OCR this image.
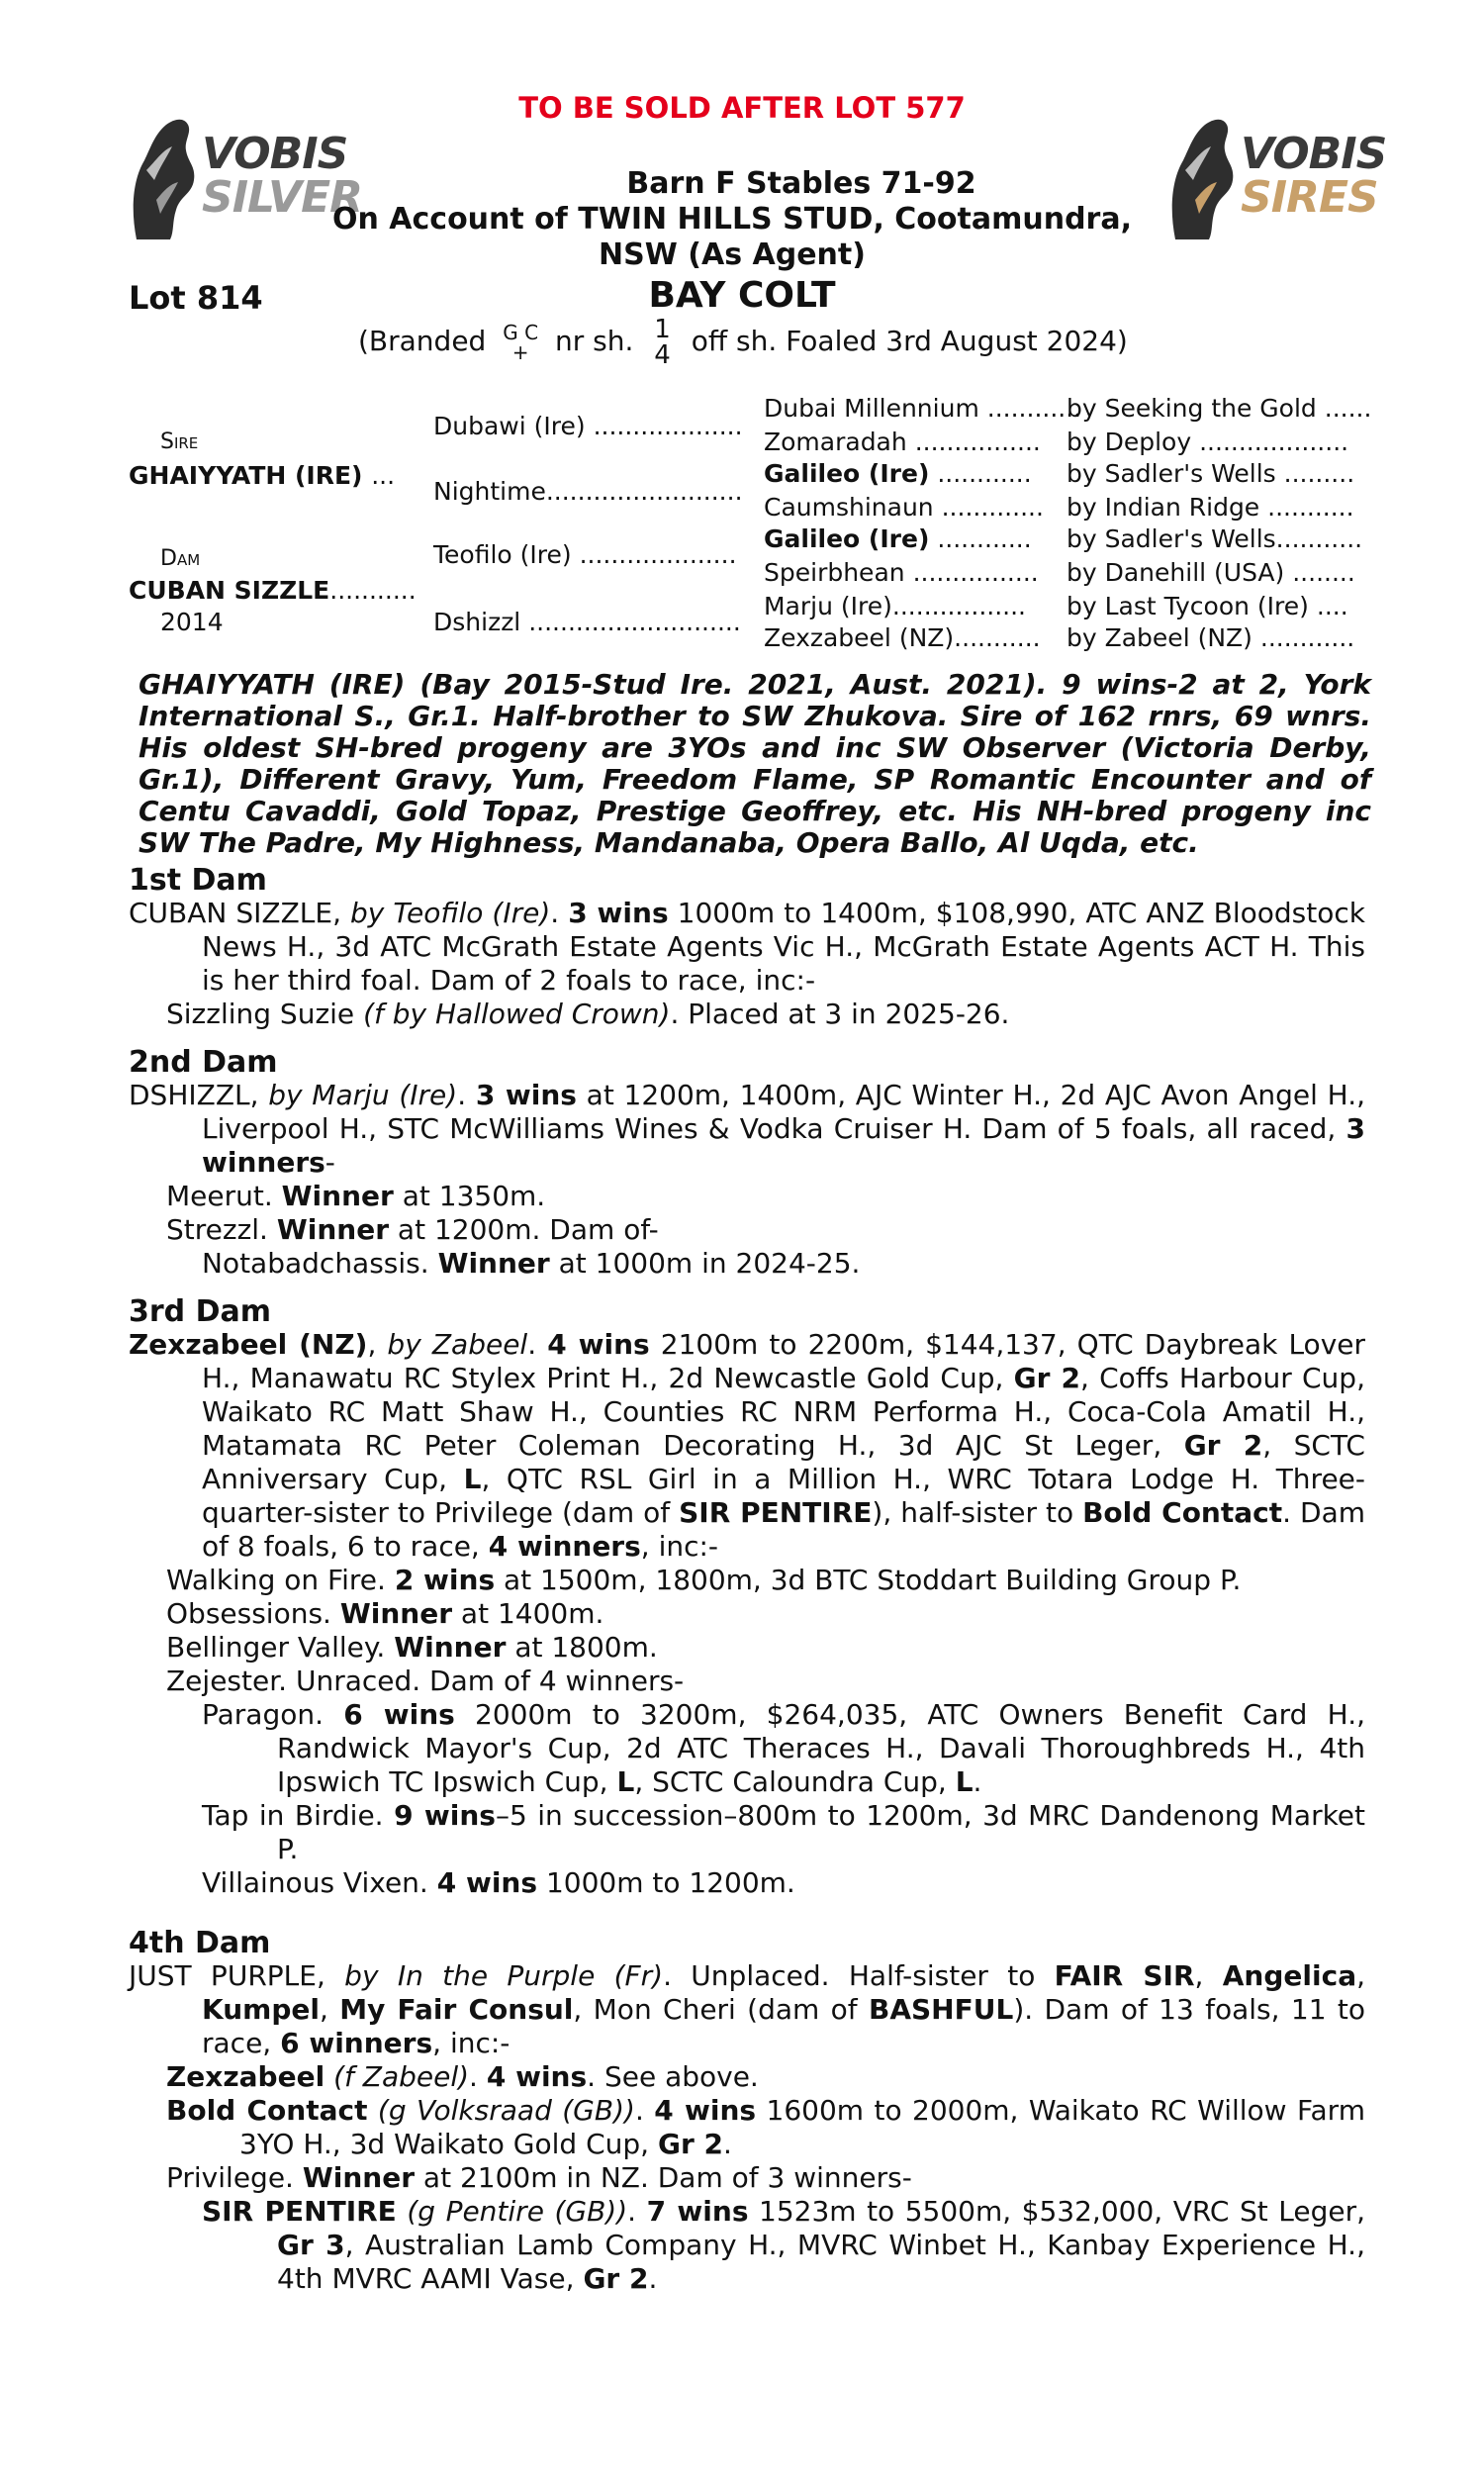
TO BE SOLD AFTER LOT 577
VOBIS
SILVER
VOBIS
SIRES
Barn F Stables 71-92
On Account of TWIN HILLS STUD, Cootamundra,
NSW (As Agent)
Lot 814	BAY COLT
(Branded G C
+ nr sh. 1
4 off sh. Foaled 3rd August 2024)
Sire
GHAIYYATH (IRE) ...
Dam
CUBAN SIZZLE...........
2014
Dubawi (Ire) ...................
Nightime.........................
Teofilo (Ire) ....................
Dshizzl ...........................
Dubai Millennium ............
Zomaradah ................
Galileo (Ire) ............
Caumshinaun .............
Galileo (Ire) ............
Speirbhean ................
Marju (Ire).................
Zexzabeel (NZ)...........
by Seeking the Gold ......
by Deploy ...................
by Sadler's Wells .........
by Indian Ridge ...........
by Sadler's Wells...........
by Danehill (USA) ........
by Last Tycoon (Ire) ....
by Zabeel (NZ) ............
GHAIYYATH (IRE) (Bay 2015-Stud Ire. 2021, Aust. 2021). 9 wins-2 at 2, York International S., Gr.1. Half-brother to SW Zhukova. Sire of 162 rnrs, 69 wnrs. His oldest SH-bred progeny are 3YOs and inc SW Observer (Victoria Derby, Gr.1), Different Gravy, Yum, Freedom Flame, SP Romantic Encounter and of Centu Cavaddi, Gold Topaz, Prestige Geoffrey, etc. His NH-bred progeny inc SW The Padre, My Highness, Mandanaba, Opera Ballo, Al Uqda, etc.
1st Dam
CUBAN SIZZLE, by Teofilo (Ire). 3 wins 1000m to 1400m, $108,990, ATC ANZ Bloodstock News H., 3d ATC McGrath Estate Agents Vic H., McGrath Estate Agents ACT H. This is her third foal. Dam of 2 foals to race, inc:-
Sizzling Suzie (f by Hallowed Crown). Placed at 3 in 2025-26.
2nd Dam
DSHIZZL, by Marju (Ire). 3 wins at 1200m, 1400m, AJC Winter H., 2d AJC Avon Angel H., Liverpool H., STC McWilliams Wines & Vodka Cruiser H. Dam of 5 foals, all raced, 3 winners-
Meerut. Winner at 1350m.
Strezzl. Winner at 1200m. Dam of-
Notabadchassis. Winner at 1000m in 2024-25.
3rd Dam
Zexzabeel (NZ), by Zabeel. 4 wins 2100m to 2200m, $144,137, QTC Daybreak Lover H., Manawatu RC Stylex Print H., 2d Newcastle Gold Cup, Gr 2, Coffs Harbour Cup, Waikato RC Matt Shaw H., Counties RC NRM Performa H., Coca-Cola Amatil H., Matamata RC Peter Coleman Decorating H., 3d AJC St Leger, Gr 2, SCTC Anniversary Cup, L, QTC RSL Girl in a Million H., WRC Totara Lodge H. Three-quarter-sister to Privilege (dam of SIR PENTIRE), half-sister to Bold Contact. Dam of 8 foals, 6 to race, 4 winners, inc:-
Walking on Fire. 2 wins at 1500m, 1800m, 3d BTC Stoddart Building Group P.
Obsessions. Winner at 1400m.
Bellinger Valley. Winner at 1800m.
Zejester. Unraced. Dam of 4 winners-
Paragon. 6 wins 2000m to 3200m, $264,035, ATC Owners Benefit Card H., Randwick Mayor's Cup, 2d ATC Theraces H., Davali Thoroughbreds H., 4th Ipswich TC Ipswich Cup, L, SCTC Caloundra Cup, L.
Tap in Birdie. 9 wins–5 in succession–800m to 1200m, 3d MRC Dandenong Market P.
Villainous Vixen. 4 wins 1000m to 1200m.
4th Dam
JUST PURPLE, by In the Purple (Fr). Unplaced. Half-sister to FAIR SIR, Angelica, Kumpel, My Fair Consul, Mon Cheri (dam of BASHFUL). Dam of 13 foals, 11 to race, 6 winners, inc:-
Zexzabeel (f Zabeel). 4 wins. See above.
Bold Contact (g Volksraad (GB)). 4 wins 1600m to 2000m, Waikato RC Willow Farm 3YO H., 3d Waikato Gold Cup, Gr 2.
Privilege. Winner at 2100m in NZ. Dam of 3 winners-
SIR PENTIRE (g Pentire (GB)). 7 wins 1523m to 5500m, $532,000, VRC St Leger, Gr 3, Australian Lamb Company H., MVRC Winbet H., Kanbay Experience H., 4th MVRC AAMI Vase, Gr 2.
